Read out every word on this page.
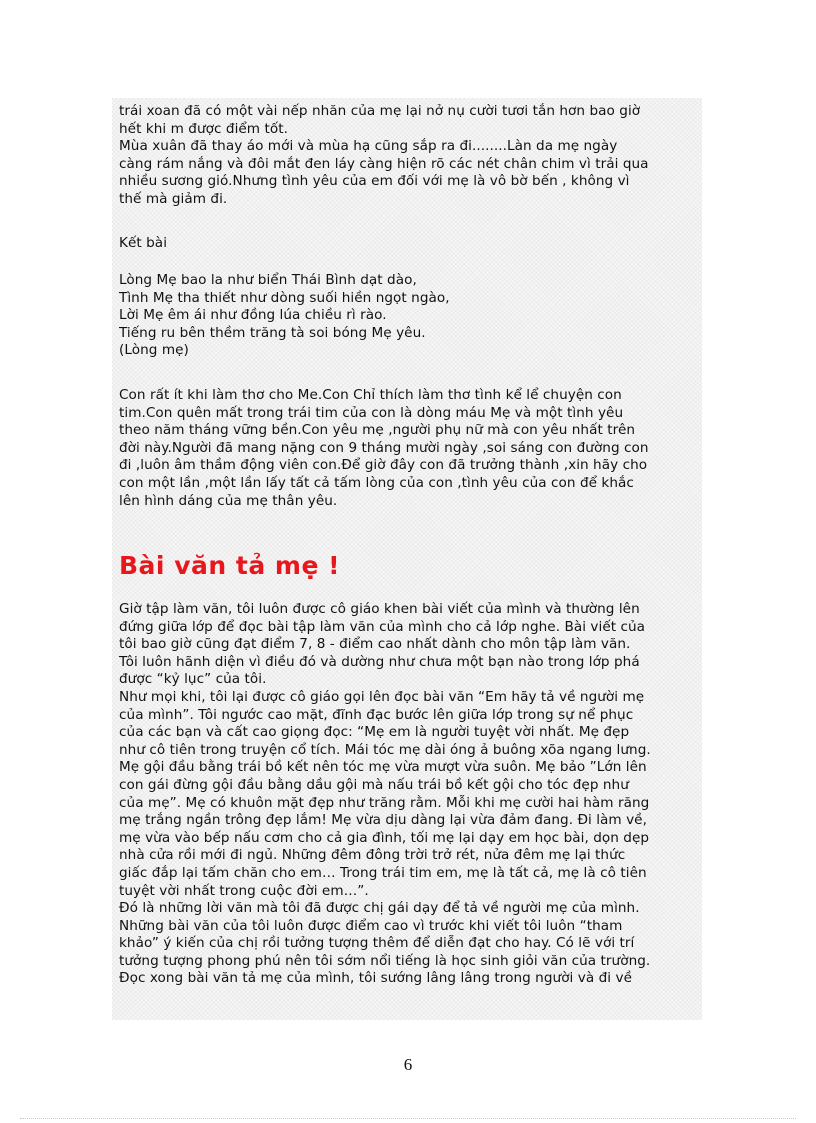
trái xoan đã có một vài nếp nhăn của mẹ lại nở nụ cười tươi tắn hơn bao giờ
hết khi m được điểm tốt.
Mùa xuân đã thay áo mới và mùa hạ cũng sắp ra đi........Làn da mẹ ngày
càng rám nắng và đôi mắt đen láy càng hiện rõ các nét chân chim vì trải qua
nhiều sương gió.Nhưng tình yêu của em đối với mẹ là vô bờ bến , không vì
thế mà giảm đi.
Kết bài
Lòng Mẹ bao la như biển Thái Bình dạt dào,
Tình Mẹ tha thiết như dòng suối hiền ngọt ngào,
Lời Mẹ êm ái như đồng lúa chiều rì rào.
Tiếng ru bên thềm trăng tà soi bóng Mẹ yêu.
(Lòng mẹ)
Con rất ít khi làm thơ cho Me.Con Chỉ thích làm thơ tình kể lể chuyện con
tim.Con quên mất trong trái tim của con là dòng máu Mẹ và một tình yêu
theo năm tháng vững bền.Con yêu mẹ ,người phụ nữ mà con yêu nhất trên
đời này.Người đã mang nặng con 9 tháng mười ngày ,soi sáng con đường con
đi ,luôn âm thầm động viên con.Để giờ đây con đã trưởng thành ,xin hãy cho
con một lần ,một lần lấy tất cả tấm lòng của con ,tình yêu của con để khắc
lên hình dáng của mẹ thân yêu.
Bài văn tả mẹ !
Giờ tập làm văn, tôi luôn được cô giáo khen bài viết của mình và thường lên
đứng giữa lớp để đọc bài tập làm văn của mình cho cả lớp nghe. Bài viết của
tôi bao giờ cũng đạt điểm 7, 8 - điểm cao nhất dành cho môn tập làm văn.
Tôi luôn hãnh diện vì điều đó và dường như chưa một bạn nào trong lớp phá
được “kỷ lục” của tôi.
Như mọi khi, tôi lại được cô giáo gọi lên đọc bài văn “Em hãy tả về người mẹ
của mình”. Tôi ngước cao mặt, đĩnh đạc bước lên giữa lớp trong sự nể phục
của các bạn và cất cao giọng đọc: “Mẹ em là người tuyệt vời nhất. Mẹ đẹp
như cô tiên trong truyện cổ tích. Mái tóc mẹ dài óng ả buông xõa ngang lưng.
Mẹ gội đầu bằng trái bồ kết nên tóc mẹ vừa mượt vừa suôn. Mẹ bảo ”Lớn lên
con gái đừng gội đầu bằng dầu gội mà nấu trái bồ kết gội cho tóc đẹp như
của mẹ”. Mẹ có khuôn mặt đẹp như trăng rằm. Mỗi khi mẹ cười hai hàm răng
mẹ trắng ngần trông đẹp lắm! Mẹ vừa dịu dàng lại vừa đảm đang. Đi làm về,
mẹ vừa vào bếp nấu cơm cho cả gia đình, tối mẹ lại dạy em học bài, dọn dẹp
nhà cửa rồi mới đi ngủ. Những đêm đông trời trở rét, nửa đêm mẹ lại thức
giấc đắp lại tấm chăn cho em… Trong trái tim em, mẹ là tất cả, mẹ là cô tiên
tuyệt vời nhất trong cuộc đời em…”.
Đó là những lời văn mà tôi đã được chị gái dạy để tả về người mẹ của mình.
Những bài văn của tôi luôn được điểm cao vì trước khi viết tôi luôn “tham
khảo” ý kiến của chị rồi tưởng tượng thêm để diễn đạt cho hay. Có lẽ với trí
tưởng tượng phong phú nên tôi sớm nổi tiếng là học sinh giỏi văn của trường.
Đọc xong bài văn tả mẹ của mình, tôi sướng lâng lâng trong người và đi về
6
